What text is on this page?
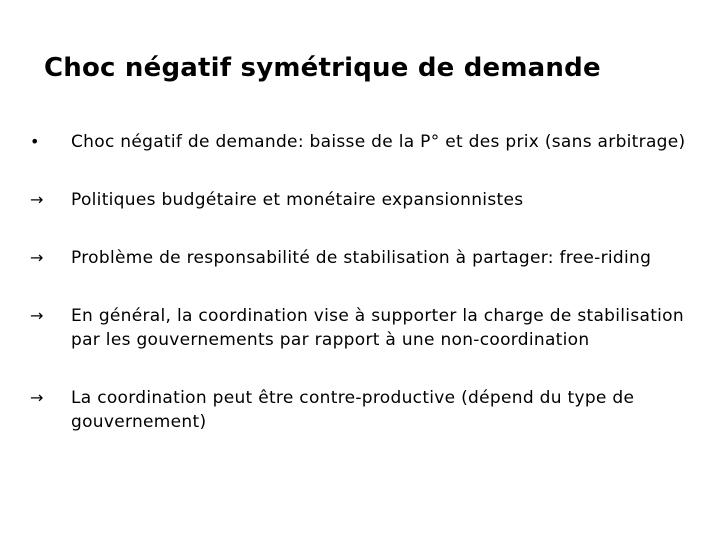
Choc négatif symétrique de demande
•	Choc négatif de demande: baisse de la P° et des prix (sans arbitrage)
→	Politiques budgétaire et monétaire expansionnistes
→	Problème de responsabilité de stabilisation à partager: free-riding
→	En général, la coordination vise à supporter la charge de stabilisation par les gouvernements par rapport à une non-coordination
→	La coordination peut être contre-productive (dépend du type de gouvernement)
